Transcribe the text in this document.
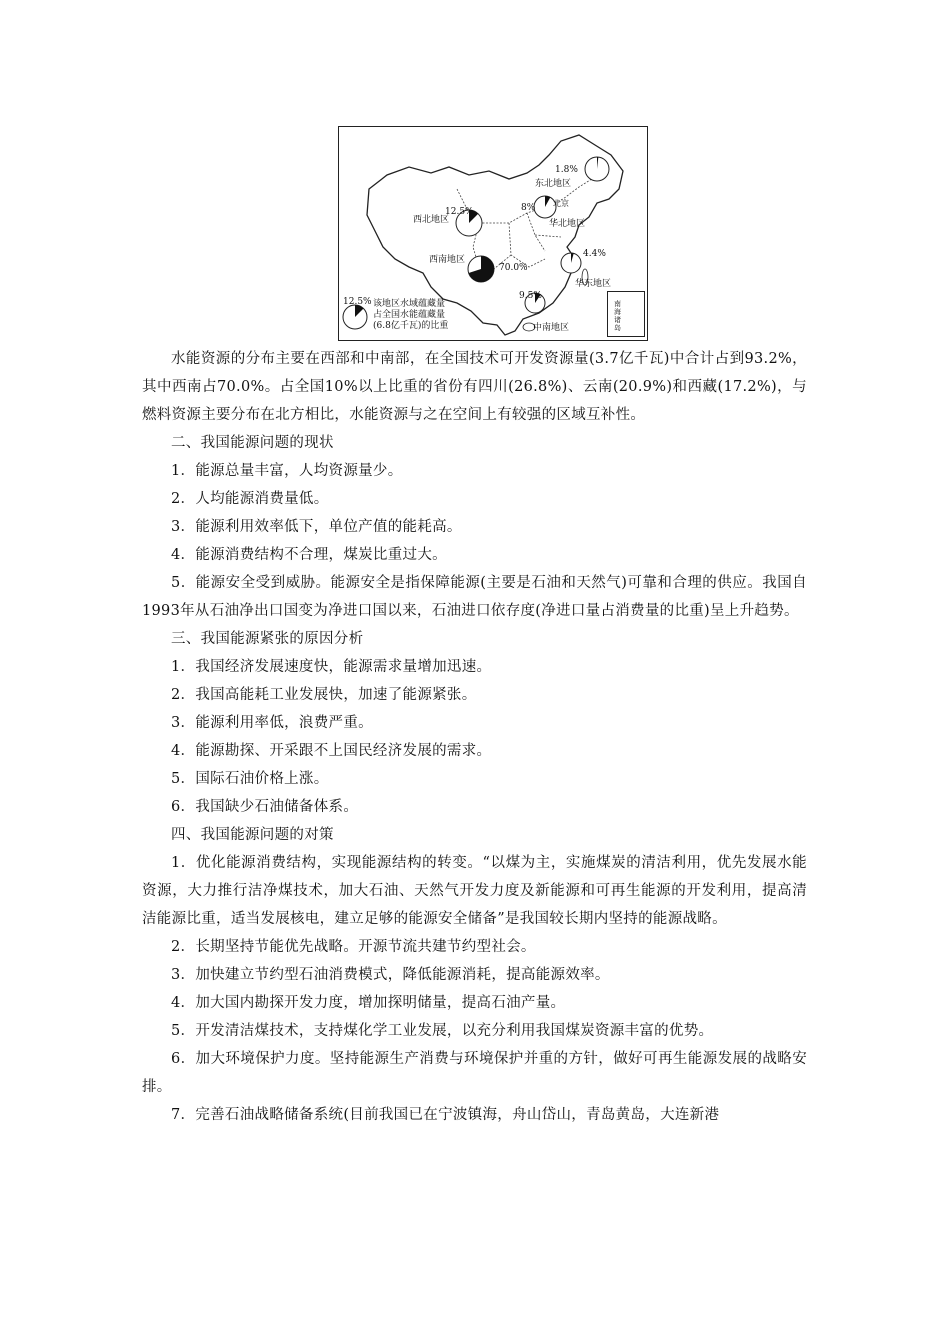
1.8%
东北地区
北京
8%
华北地区
12.5%
西北地区
西南地区
70.0%
4.4%
华东地区
9.5%
中南地区
12.5% 该地区水域蕴藏量
占全国水能蕴藏量
(6.8亿千瓦)的比重
南海诸岛

水能资源的分布主要在西部和中南部，在全国技术可开发资源量(3.7亿千瓦)中合计占到93.2%，其中西南占70.0%。占全国10%以上比重的省份有四川(26.8%)、云南(20.9%)和西藏(17.2%)，与燃料资源主要分布在北方相比，水能资源与之在空间上有较强的区域互补性。

二、我国能源问题的现状

1．能源总量丰富，人均资源量少。

2．人均能源消费量低。

3．能源利用效率低下，单位产值的能耗高。

4．能源消费结构不合理，煤炭比重过大。

5．能源安全受到威胁。能源安全是指保障能源(主要是石油和天然气)可靠和合理的供应。我国自1993年从石油净出口国变为净进口国以来，石油进口依存度(净进口量占消费量的比重)呈上升趋势。

三、我国能源紧张的原因分析

1．我国经济发展速度快，能源需求量增加迅速。

2．我国高能耗工业发展快，加速了能源紧张。

3．能源利用率低，浪费严重。

4．能源勘探、开采跟不上国民经济发展的需求。

5．国际石油价格上涨。

6．我国缺少石油储备体系。

四、我国能源问题的对策

1．优化能源消费结构，实现能源结构的转变。“以煤为主，实施煤炭的清洁利用，优先发展水能资源，大力推行洁净煤技术，加大石油、天然气开发力度及新能源和可再生能源的开发利用，提高清洁能源比重，适当发展核电，建立足够的能源安全储备”是我国较长期内坚持的能源战略。

2．长期坚持节能优先战略。开源节流共建节约型社会。

3．加快建立节约型石油消费模式，降低能源消耗，提高能源效率。

4．加大国内勘探开发力度，增加探明储量，提高石油产量。

5．开发清洁煤技术，支持煤化学工业发展，以充分利用我国煤炭资源丰富的优势。

6．加大环境保护力度。坚持能源生产消费与环境保护并重的方针，做好可再生能源发展的战略安排。

7．完善石油战略储备系统(目前我国已在宁波镇海，舟山岱山，青岛黄岛，大连新港
